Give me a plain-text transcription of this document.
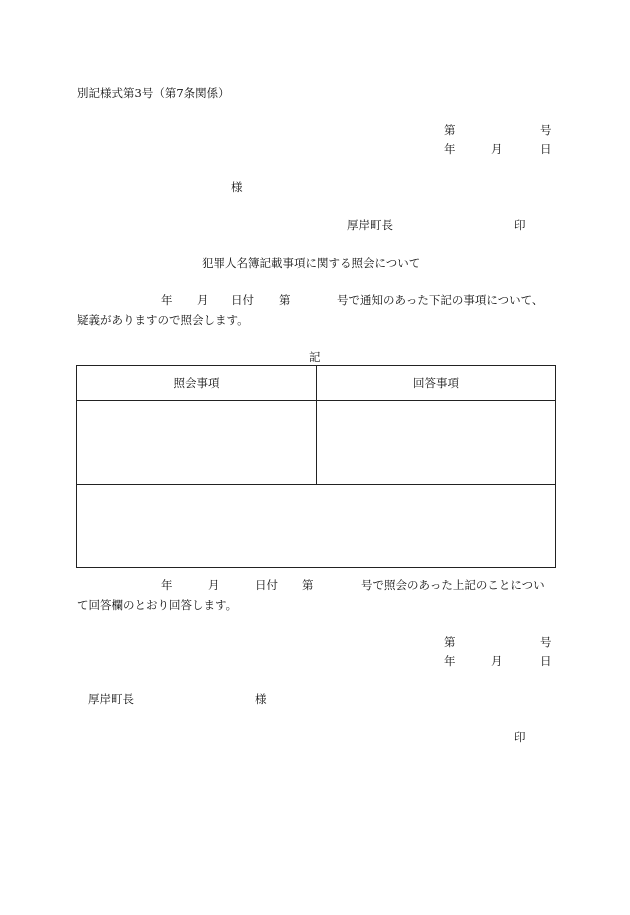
別記様式第3号（第7条関係）
第	号
年	月	日
様
厚岸町長	印
犯罪人名簿記載事項に関する照会について
年 月 日付 第	号で通知のあった下記の事項について、
疑義がありますので照会します。
記
照会事項	回答事項
年	月	日付 第	号で照会のあった上記のことについ
て回答欄のとおり回答します。
第	号
年	月	日
厚岸町長	様
印
